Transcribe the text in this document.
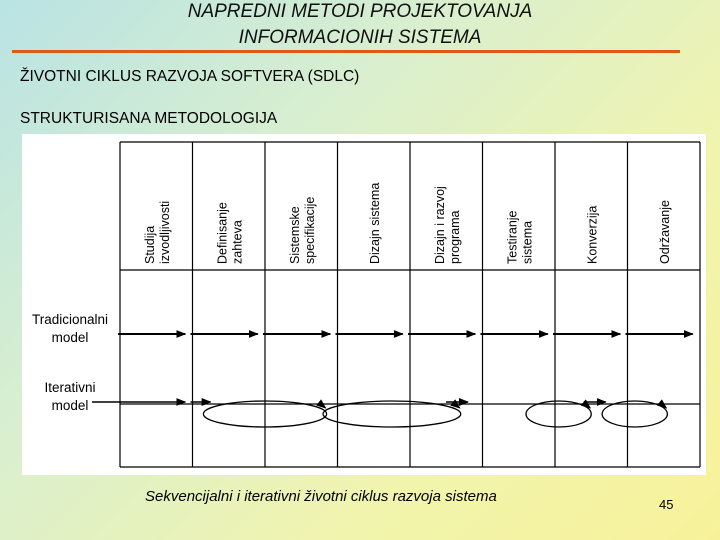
NAPREDNI METODI PROJEKTOVANJA
INFORMACIONIH SISTEMA
ŽIVOTNI CIKLUS RAZVOJA SOFTVERA (SDLC)
STRUKTURISANA METODOLOGIJA
Studija izvodljivosti	Definisanje zahteva	Sistemske specifikacije	Dizajn sistema	Dizajn i razvoj programa	Testiranje sistema	Konverzija	Održavanje
Tradicionalni
model
Iterativni
model
Sekvencijalni i iterativni životni ciklus razvoja sistema	45
